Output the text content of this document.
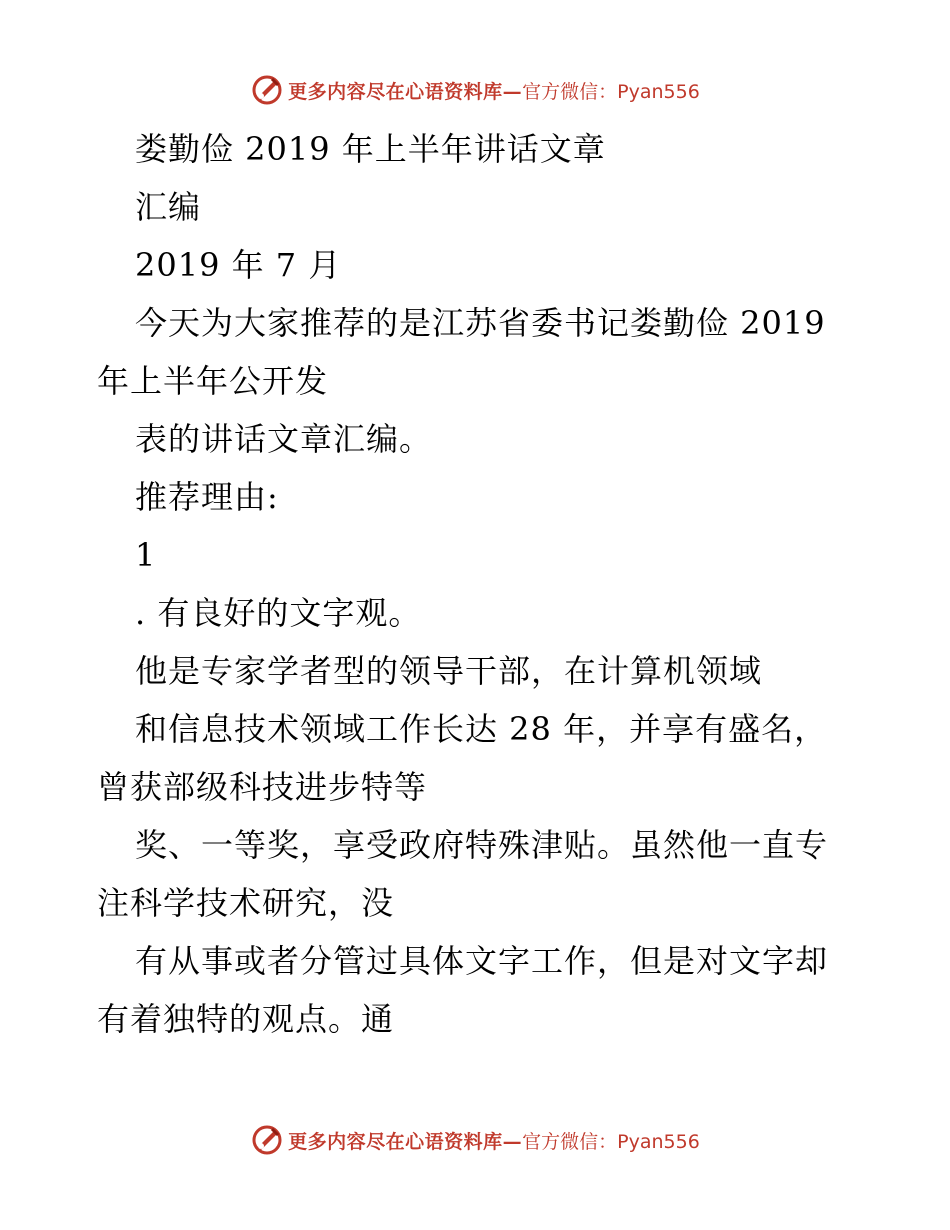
更多内容尽在心语资料库— 官方微信：Pyan556

娄勤俭 2019 年上半年讲话文章

汇编

2019 年 7 月

今天为大家推荐的是江苏省委书记娄勤俭 2019

年上半年公开发

表的讲话文章汇编。

推荐理由:

1

. 有良好的文字观。

他是专家学者型的领导干部，在计算机领域

和信息技术领域工作长达 28 年，并享有盛名，

曾获部级科技进步特等

奖、一等奖，享受政府特殊津贴。虽然他一直专

注科学技术研究，没

有从事或者分管过具体文字工作，但是对文字却

有着独特的观点。通

更多内容尽在心语资料库— 官方微信：Pyan556
